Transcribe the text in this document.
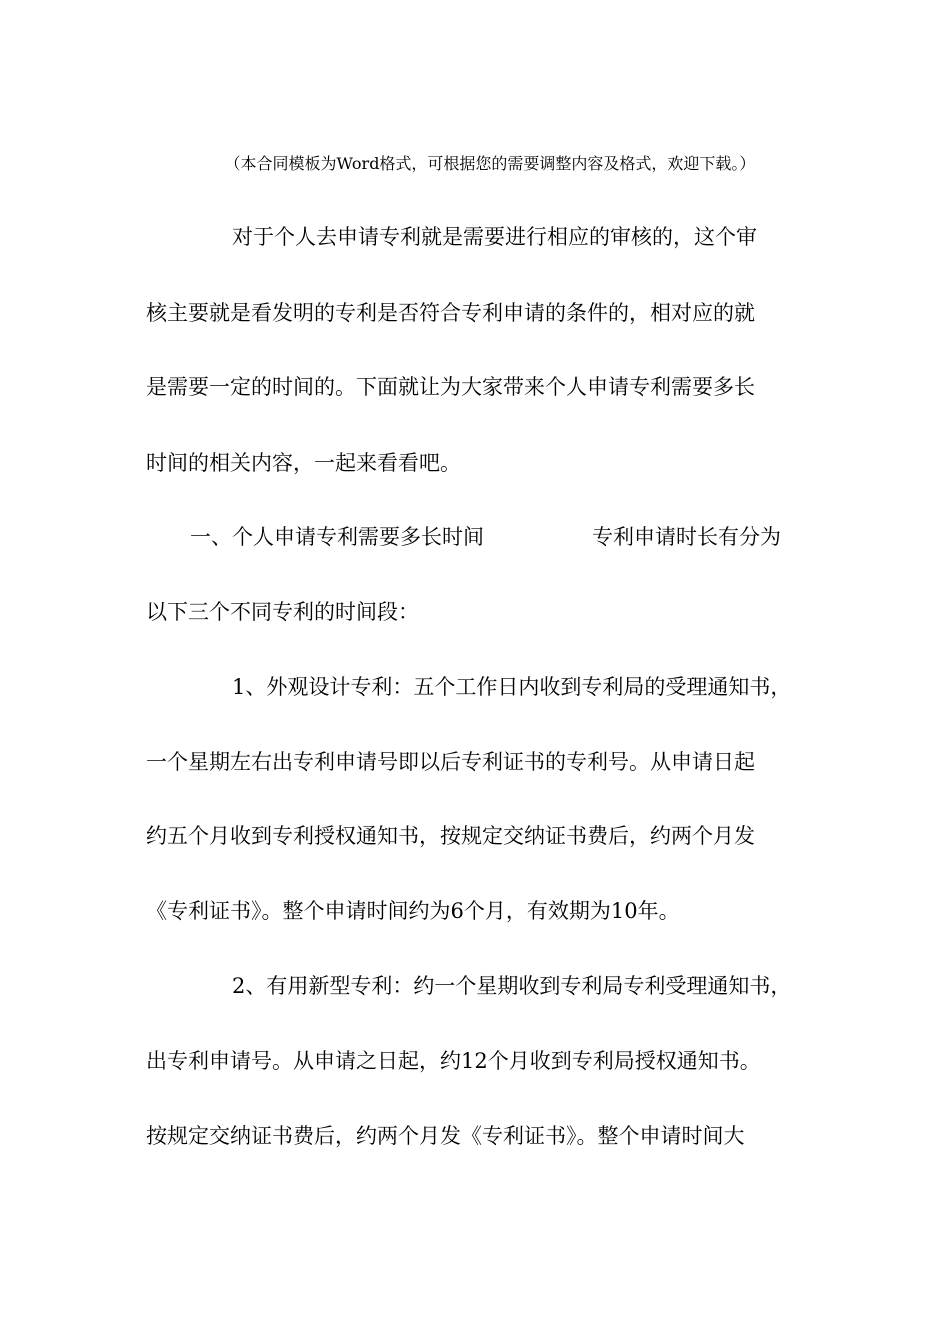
（本合同模板为Word格式，可根据您的需要调整内容及格式，欢迎下载。）
对于个人去申请专利就是需要进行相应的审核的，这个审
核主要就是看发明的专利是否符合专利申请的条件的，相对应的就
是需要一定的时间的。下面就让为大家带来个人申请专利需要多长
时间的相关内容，一起来看看吧。
一、个人申请专利需要多长时间	专利申请时长有分为
以下三个不同专利的时间段：
1、外观设计专利：五个工作日内收到专利局的受理通知书，
一个星期左右出专利申请号即以后专利证书的专利号。从申请日起
约五个月收到专利授权通知书，按规定交纳证书费后，约两个月发
《专利证书》。整个申请时间约为6个月，有效期为10年。
2、有用新型专利：约一个星期收到专利局专利受理通知书，
出专利申请号。从申请之日起，约12个月收到专利局授权通知书。
按规定交纳证书费后，约两个月发《专利证书》。整个申请时间大
